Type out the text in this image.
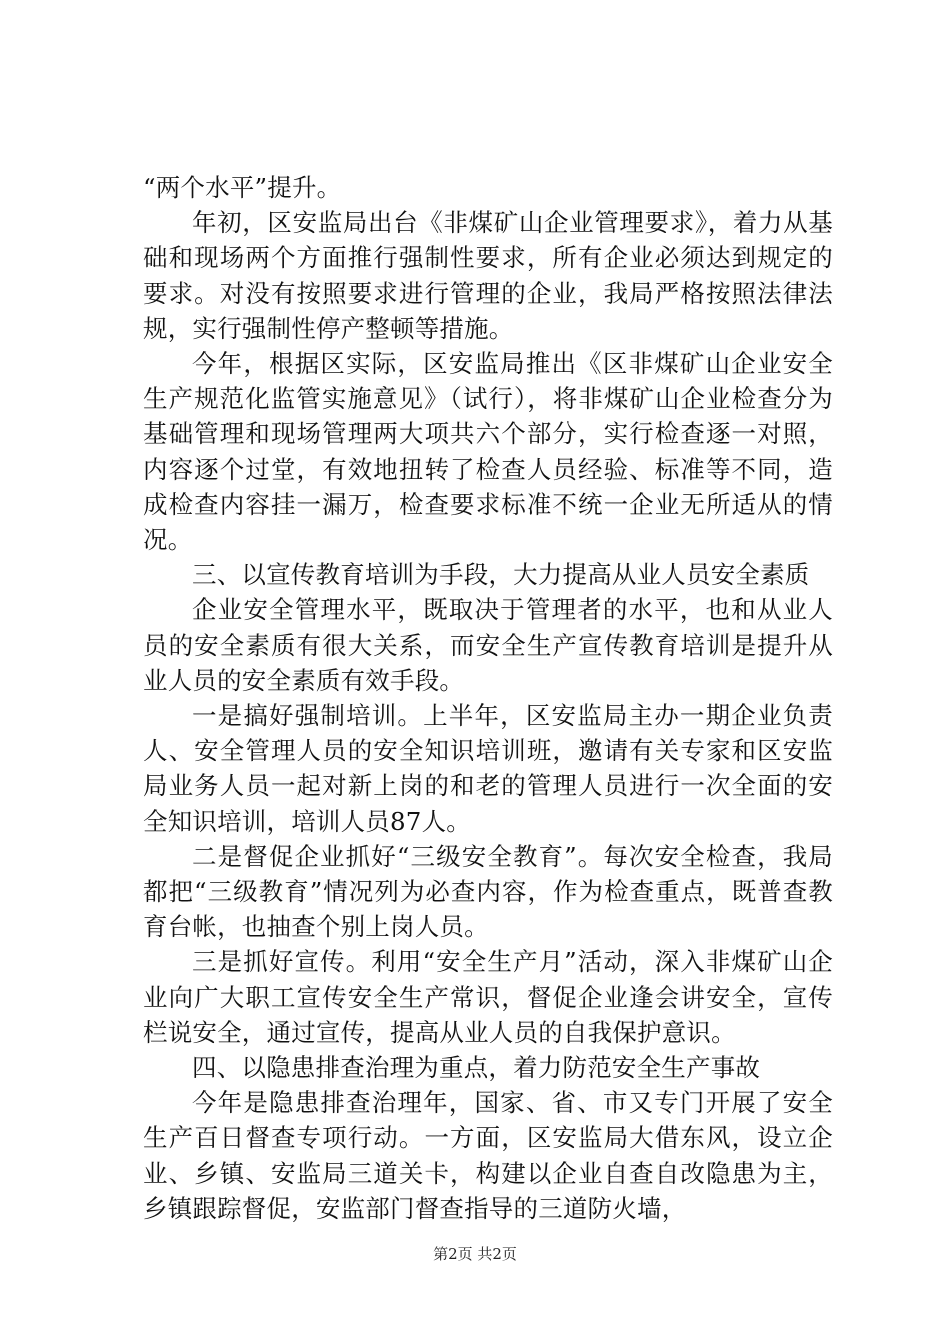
“两个水平”提升。

年初，区安监局出台《非煤矿山企业管理要求》，着力从基础和现场两个方面推行强制性要求，所有企业必须达到规定的要求。对没有按照要求进行管理的企业，我局严格按照法律法规，实行强制性停产整顿等措施。

今年，根据区实际，区安监局推出《区非煤矿山企业安全生产规范化监管实施意见》（试行），将非煤矿山企业检查分为基础管理和现场管理两大项共六个部分，实行检查逐一对照，内容逐个过堂，有效地扭转了检查人员经验、标准等不同，造成检查内容挂一漏万，检查要求标准不统一企业无所适从的情况。

三、以宣传教育培训为手段，大力提高从业人员安全素质

企业安全管理水平，既取决于管理者的水平，也和从业人员的安全素质有很大关系，而安全生产宣传教育培训是提升从业人员的安全素质有效手段。

一是搞好强制培训。上半年，区安监局主办一期企业负责人、安全管理人员的安全知识培训班，邀请有关专家和区安监局业务人员一起对新上岗的和老的管理人员进行一次全面的安全知识培训，培训人员87人。

二是督促企业抓好“三级安全教育”。每次安全检查，我局都把“三级教育”情况列为必查内容，作为检查重点，既普查教育台帐，也抽查个别上岗人员。

三是抓好宣传。利用“安全生产月”活动，深入非煤矿山企业向广大职工宣传安全生产常识，督促企业逢会讲安全，宣传栏说安全，通过宣传，提高从业人员的自我保护意识。

四、以隐患排查治理为重点，着力防范安全生产事故

今年是隐患排查治理年，国家、省、市又专门开展了安全生产百日督查专项行动。一方面，区安监局大借东风，设立企业、乡镇、安监局三道关卡，构建以企业自查自改隐患为主，乡镇跟踪督促，安监部门督查指导的三道防火墙，

第2页 共2页
